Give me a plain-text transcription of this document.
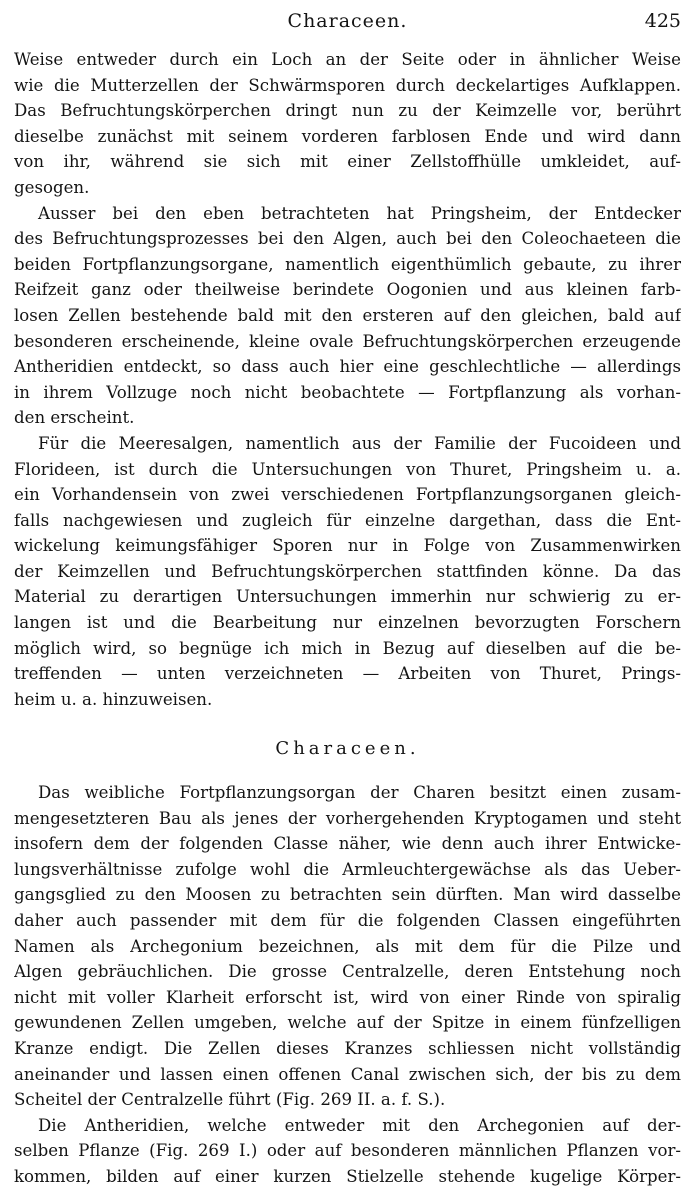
Characeen.	425
Weise entweder durch ein Loch an der Seite oder in ähnlicher Weise
wie die Mutterzellen der Schwärmsporen durch deckelartiges Aufklappen.
Das Befruchtungskörperchen dringt nun zu der Keimzelle vor, berührt
dieselbe zunächst mit seinem vorderen farblosen Ende und wird dann
von ihr, während sie sich mit einer Zellstoffhülle umkleidet, auf-
gesogen.
Ausser bei den eben betrachteten hat Pringsheim, der Entdecker
des Befruchtungsprozesses bei den Algen, auch bei den Coleochaeteen die
beiden Fortpflanzungsorgane, namentlich eigenthümlich gebaute, zu ihrer
Reifzeit ganz oder theilweise berindete Oogonien und aus kleinen farb-
losen Zellen bestehende bald mit den ersteren auf den gleichen, bald auf
besonderen erscheinende, kleine ovale Befruchtungskörperchen erzeugende
Antheridien entdeckt, so dass auch hier eine geschlechtliche — allerdings
in ihrem Vollzuge noch nicht beobachtete — Fortpflanzung als vorhan-
den erscheint.
Für die Meeresalgen, namentlich aus der Familie der Fucoideen und
Florideen, ist durch die Untersuchungen von Thuret, Pringsheim u. a.
ein Vorhandensein von zwei verschiedenen Fortpflanzungsorganen gleich-
falls nachgewiesen und zugleich für einzelne dargethan, dass die Ent-
wickelung keimungsfähiger Sporen nur in Folge von Zusammenwirken
der Keimzellen und Befruchtungskörperchen stattfinden könne. Da das
Material zu derartigen Untersuchungen immerhin nur schwierig zu er-
langen ist und die Bearbeitung nur einzelnen bevorzugten Forschern
möglich wird, so begnüge ich mich in Bezug auf dieselben auf die be-
treffenden — unten verzeichneten — Arbeiten von Thuret, Prings-
heim u. a. hinzuweisen.
Characeen.
Das weibliche Fortpflanzungsorgan der Charen besitzt einen zusam-
mengesetzteren Bau als jenes der vorhergehenden Kryptogamen und steht
insofern dem der folgenden Classe näher, wie denn auch ihrer Entwicke-
lungsverhältnisse zufolge wohl die Armleuchtergewächse als das Ueber-
gangsglied zu den Moosen zu betrachten sein dürften. Man wird dasselbe
daher auch passender mit dem für die folgenden Classen eingeführten
Namen als Archegonium bezeichnen, als mit dem für die Pilze und
Algen gebräuchlichen. Die grosse Centralzelle, deren Entstehung noch
nicht mit voller Klarheit erforscht ist, wird von einer Rinde von spiralig
gewundenen Zellen umgeben, welche auf der Spitze in einem fünfzelligen
Kranze endigt. Die Zellen dieses Kranzes schliessen nicht vollständig
aneinander und lassen einen offenen Canal zwischen sich, der bis zu dem
Scheitel der Centralzelle führt (Fig. 269 II. a. f. S.).
Die Antheridien, welche entweder mit den Archegonien auf der-
selben Pflanze (Fig. 269 I.) oder auf besonderen männlichen Pflanzen vor-
kommen, bilden auf einer kurzen Stielzelle stehende kugelige Körper-
